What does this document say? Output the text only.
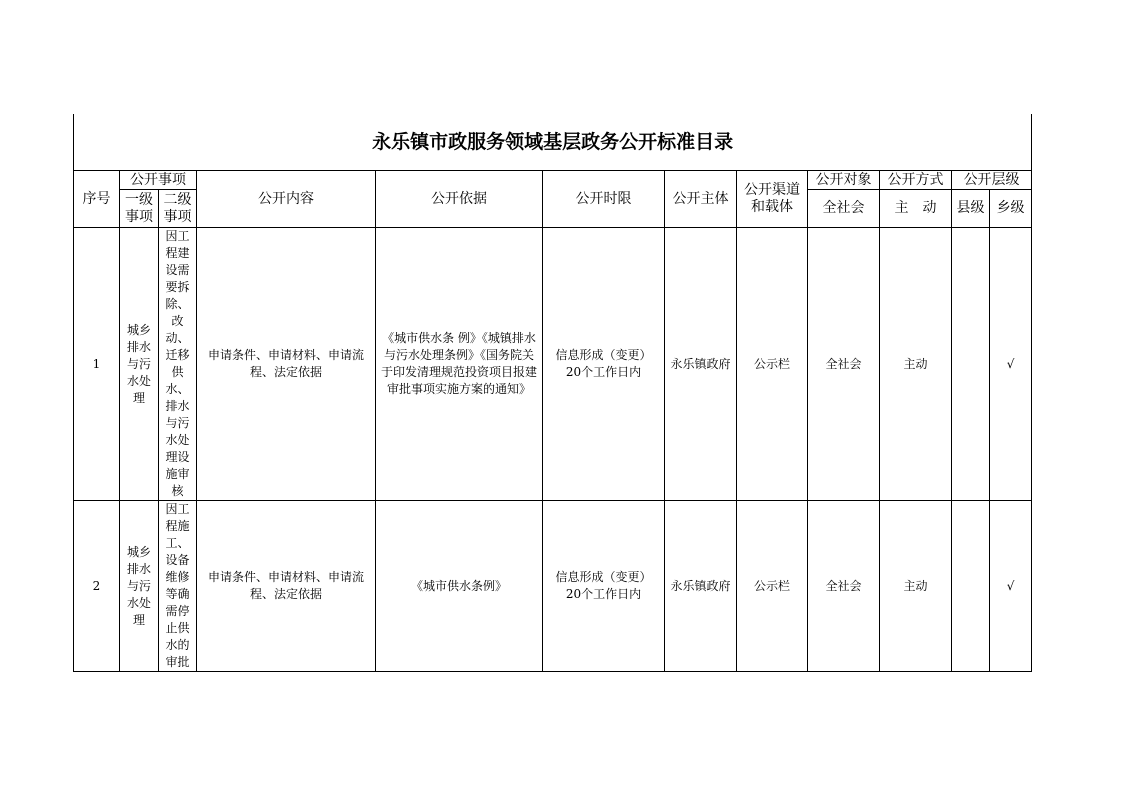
永乐镇市政服务领域基层政务公开标准目录											
序号	公开事项		公开内容	公开依据	公开时限	公开主体	公开渠道和载体	公开对象	公开方式	公开层级	

	一级事项	二级事项						全社会	主　动	县级	乡级

1	城乡排水与污水处理	因工程建设需要拆除、改动、迁移供水、排水与污水处理设施审核	申请条件、申请材料、申请流程、法定依据	《城市供水条 例》《城镇排水与污水处理条例》《国务院关于印发清理规范投资项目报建审批事项实施方案的通知》	信息形成（变更）20个工作日内	永乐镇政府	公示栏	全社会	主动		√
2	城乡排水与污水处理	因工程施工、设备维修等确需停止供水的审批	申请条件、申请材料、申请流程、法定依据	《城市供水条例》	信息形成（变更）20个工作日内	永乐镇政府	公示栏	全社会	主动		√
